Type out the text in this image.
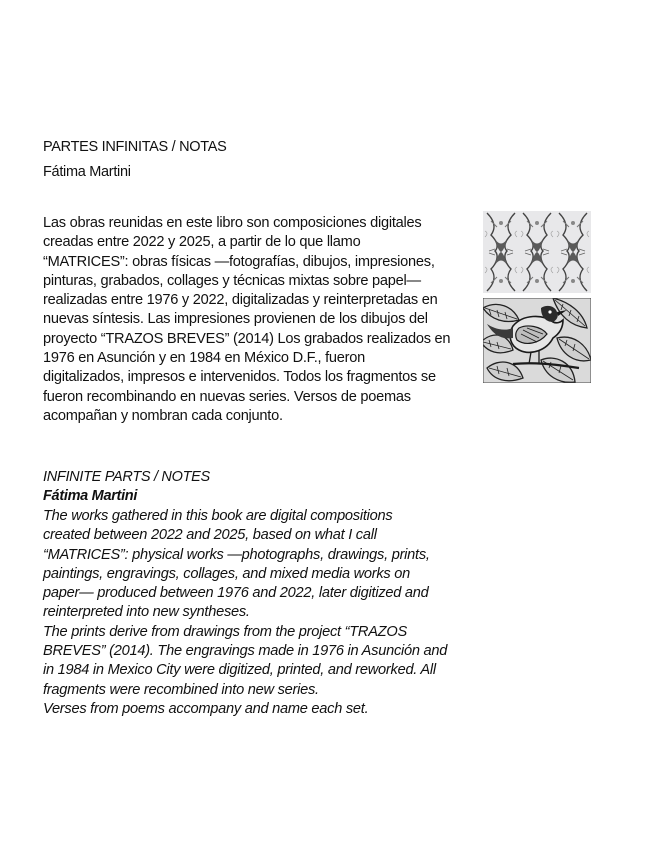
PARTES INFINITAS / NOTAS
Fátima Martini
Las obras reunidas en este libro son composiciones digitales
creadas entre 2022 y 2025, a partir de lo que llamo
“MATRICES”: obras físicas —fotografías, dibujos, impresiones,
pinturas, grabados, collages y técnicas mixtas sobre papel—
realizadas entre 1976 y 2022, digitalizadas y reinterpretadas en
nuevas síntesis. Las impresiones provienen de los dibujos del
proyecto “TRAZOS BREVES” (2014) Los grabados realizados en
1976 en Asunción y en 1984 en México D.F., fueron
digitalizados, impresos e intervenidos. Todos los fragmentos se
fueron recombinando en nuevas series. Versos de poemas
acompañan y nombran cada conjunto.
INFINITE PARTS / NOTES
Fátima Martini
The works gathered in this book are digital compositions
created between 2022 and 2025, based on what I call
“MATRICES”: physical works —photographs, drawings, prints,
paintings, engravings, collages, and mixed media works on
paper— produced between 1976 and 2022, later digitized and
reinterpreted into new syntheses.
The prints derive from drawings from the project “TRAZOS
BREVES” (2014). The engravings made in 1976 in Asunción and
in 1984 in Mexico City were digitized, printed, and reworked. All
fragments were recombined into new series.
Verses from poems accompany and name each set.
